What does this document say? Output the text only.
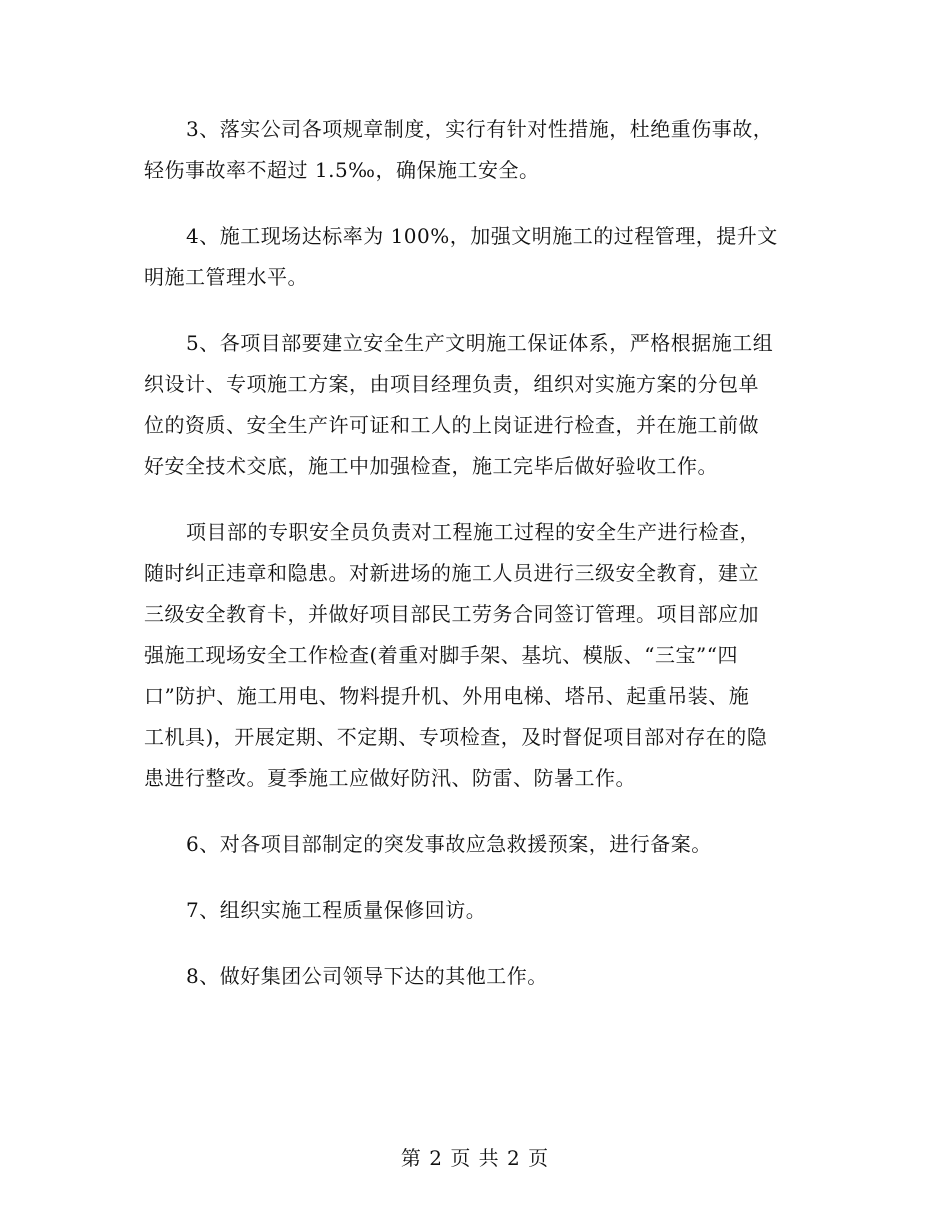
3、落实公司各项规章制度，实行有针对性措施，杜绝重伤事故，
轻伤事故率不超过 1.5‰，确保施工安全。
4、施工现场达标率为 100%，加强文明施工的过程管理，提升文
明施工管理水平。
5、各项目部要建立安全生产文明施工保证体系，严格根据施工组
织设计、专项施工方案，由项目经理负责，组织对实施方案的分包单
位的资质、安全生产许可证和工人的上岗证进行检查，并在施工前做
好安全技术交底，施工中加强检查，施工完毕后做好验收工作。
项目部的专职安全员负责对工程施工过程的安全生产进行检查，
随时纠正违章和隐患。对新进场的施工人员进行三级安全教育，建立
三级安全教育卡，并做好项目部民工劳务合同签订管理。项目部应加
强施工现场安全工作检查(着重对脚手架、基坑、模版、“三宝”“四
口”防护、施工用电、物料提升机、外用电梯、塔吊、起重吊装、施
工机具)，开展定期、不定期、专项检查，及时督促项目部对存在的隐
患进行整改。夏季施工应做好防汛、防雷、防暑工作。
6、对各项目部制定的突发事故应急救援预案，进行备案。
7、组织实施工程质量保修回访。
8、做好集团公司领导下达的其他工作。
第 2 页 共 2 页
